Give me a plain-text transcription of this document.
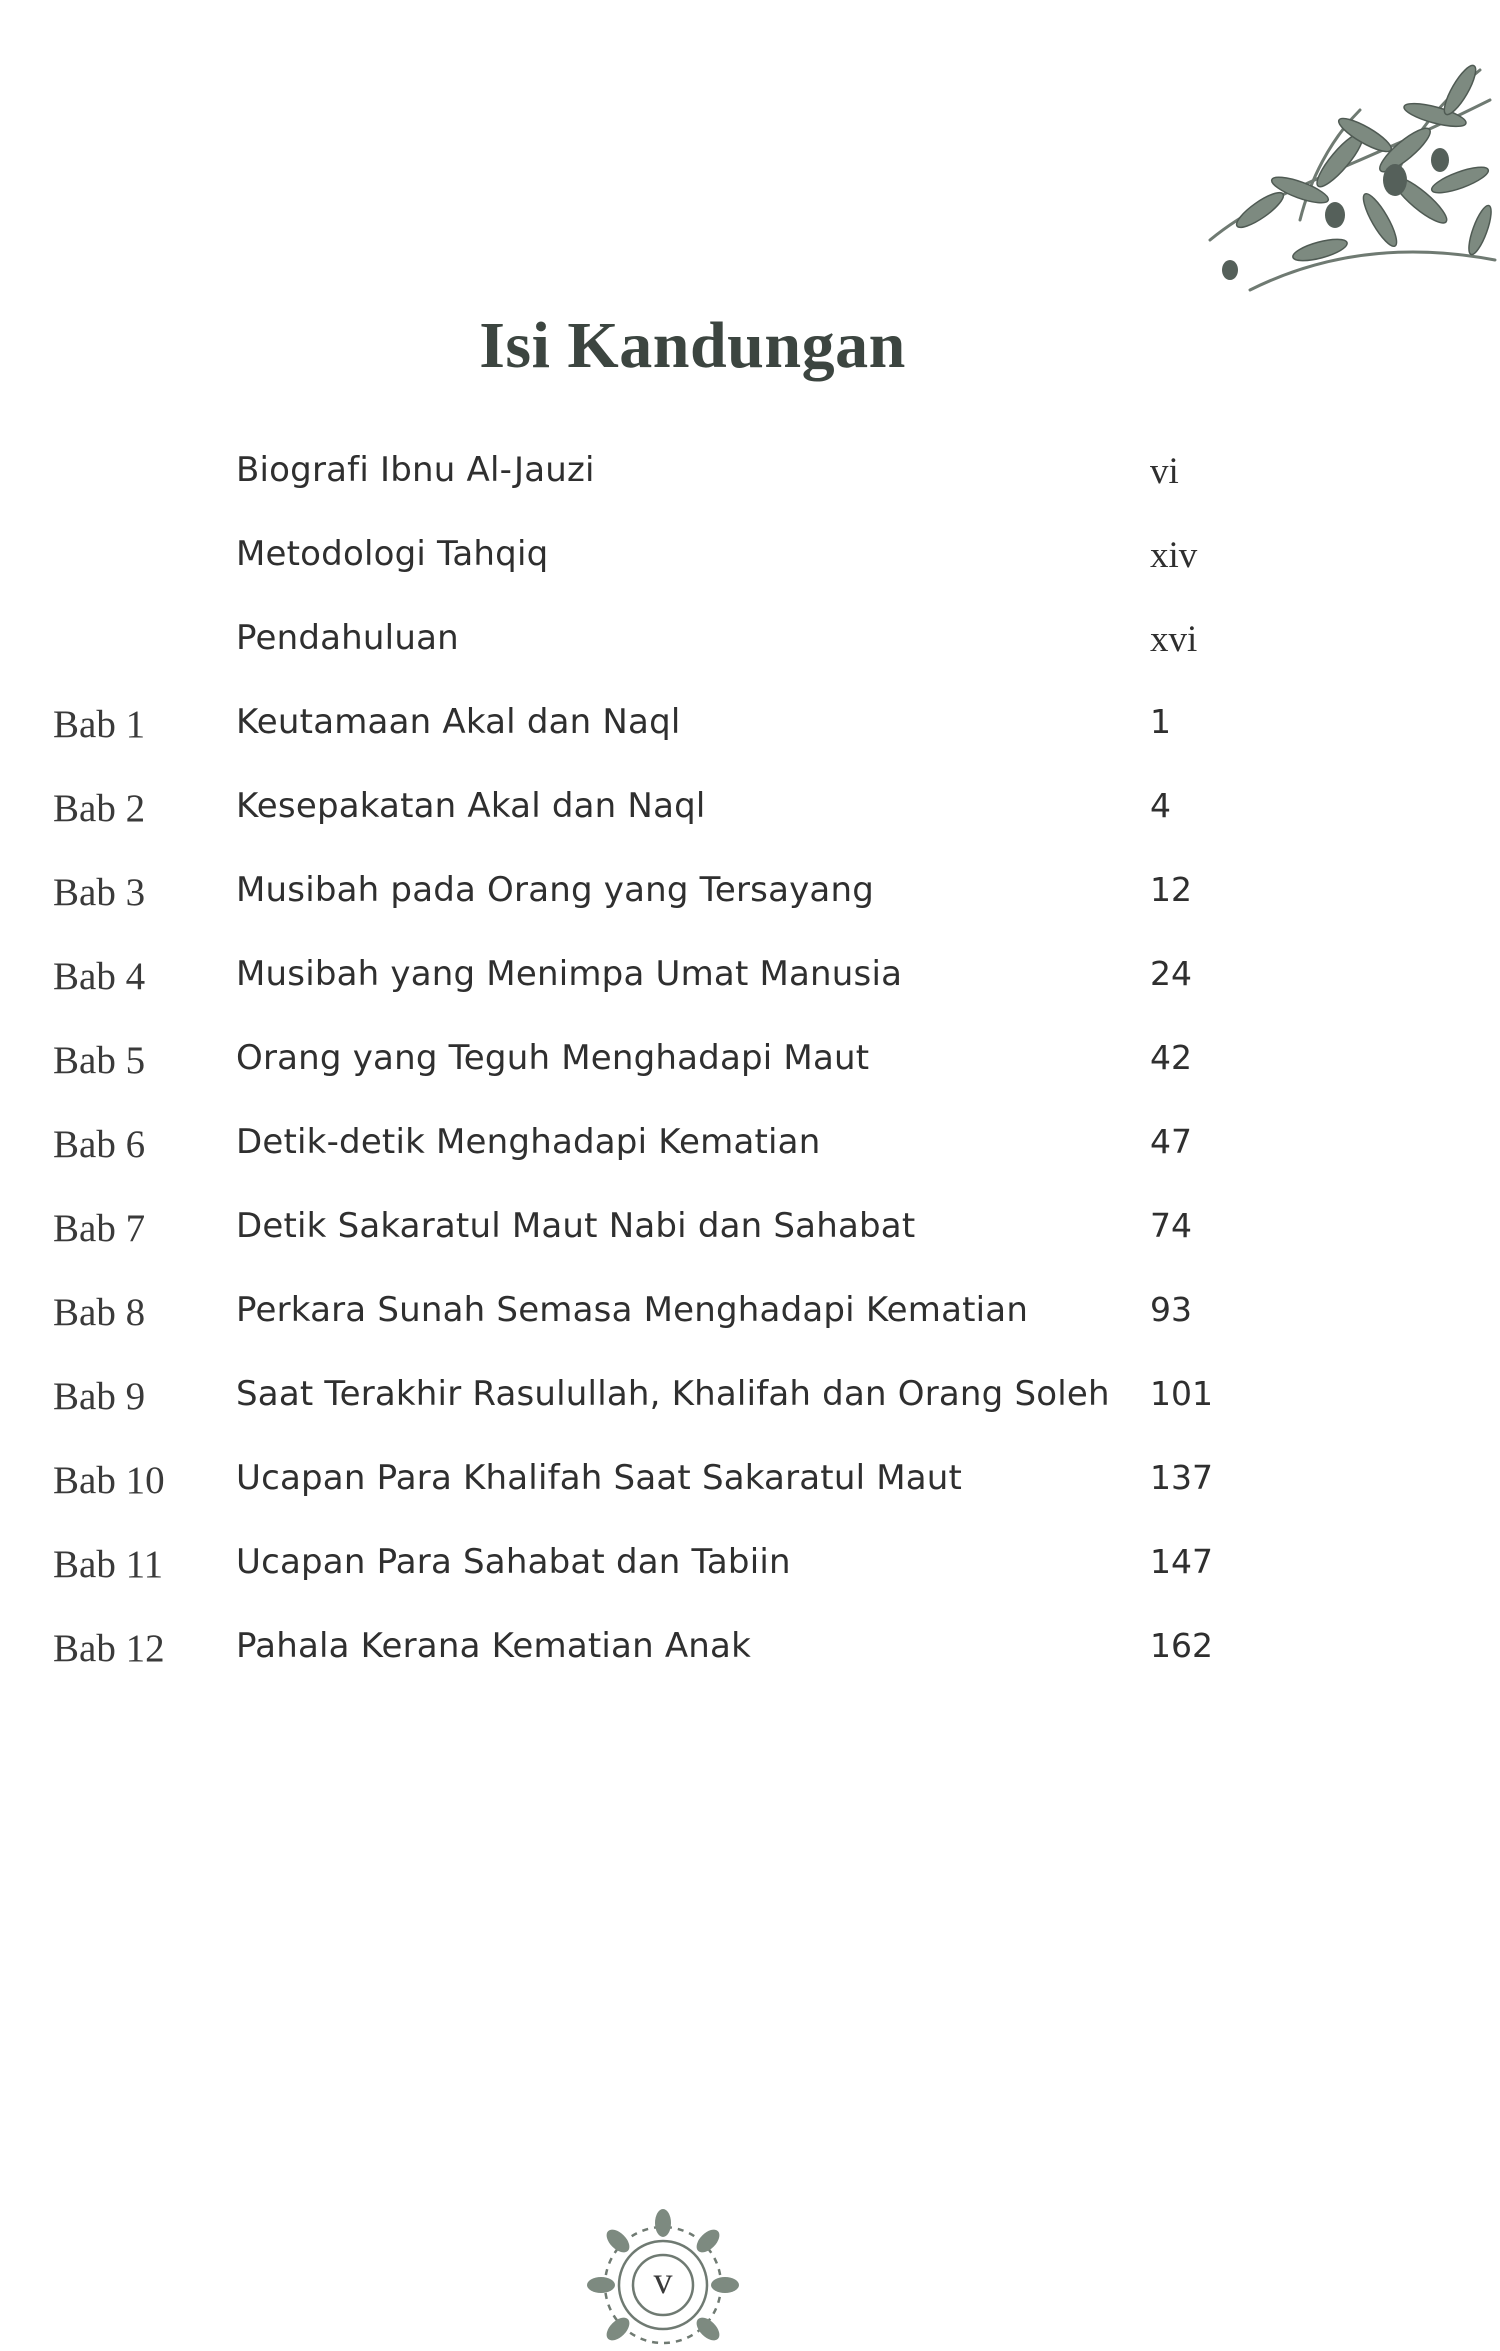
Isi Kandungan
Biografi Ibnu Al-Jauzi	vi
Metodologi Tahqiq	xiv
Pendahuluan	xvi
Bab 1	Keutamaan Akal dan Naql	1
Bab 2	Kesepakatan Akal dan Naql	4
Bab 3	Musibah pada Orang yang Tersayang	12
Bab 4	Musibah yang Menimpa Umat Manusia	24
Bab 5	Orang yang Teguh Menghadapi Maut	42
Bab 6	Detik-detik Menghadapi Kematian	47
Bab 7	Detik Sakaratul Maut Nabi dan Sahabat	74
Bab 8	Perkara Sunah Semasa Menghadapi Kematian	93
Bab 9	Saat Terakhir Rasulullah, Khalifah dan Orang Soleh	101
Bab 10	Ucapan Para Khalifah Saat Sakaratul Maut	137
Bab 11	Ucapan Para Sahabat dan Tabiin	147
Bab 12	Pahala Kerana Kematian Anak	162
v
